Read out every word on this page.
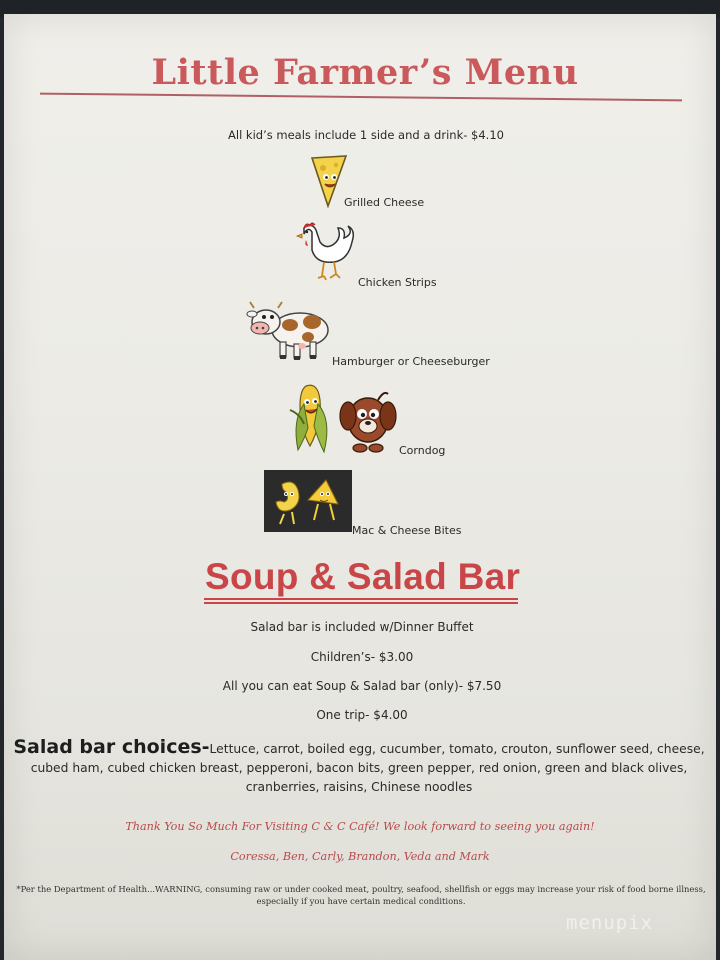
Little Farmer’s Menu
All kid’s meals include 1 side and a drink- $4.10
Grilled Cheese
Chicken Strips
Hamburger or Cheeseburger
Corndog
Mac & Cheese Bites
Soup & Salad Bar
Salad bar is included w/Dinner Buffet
Children’s- $3.00
All you can eat Soup & Salad bar (only)- $7.50
One trip- $4.00
Salad bar choices-Lettuce, carrot, boiled egg, cucumber, tomato, crouton, sunflower seed, cheese, cubed ham, cubed chicken breast, pepperoni, bacon bits, green pepper, red onion, green and black olives, cranberries, raisins, Chinese noodles
Thank You So Much For Visiting C & C Café! We look forward to seeing you again!
Coressa, Ben, Carly, Brandon, Veda and Mark
*Per the Department of Health...WARNING, consuming raw or under cooked meat, poultry, seafood, shellfish or eggs may increase your risk of food borne illness, especially if you have certain medical conditions.
menupix
